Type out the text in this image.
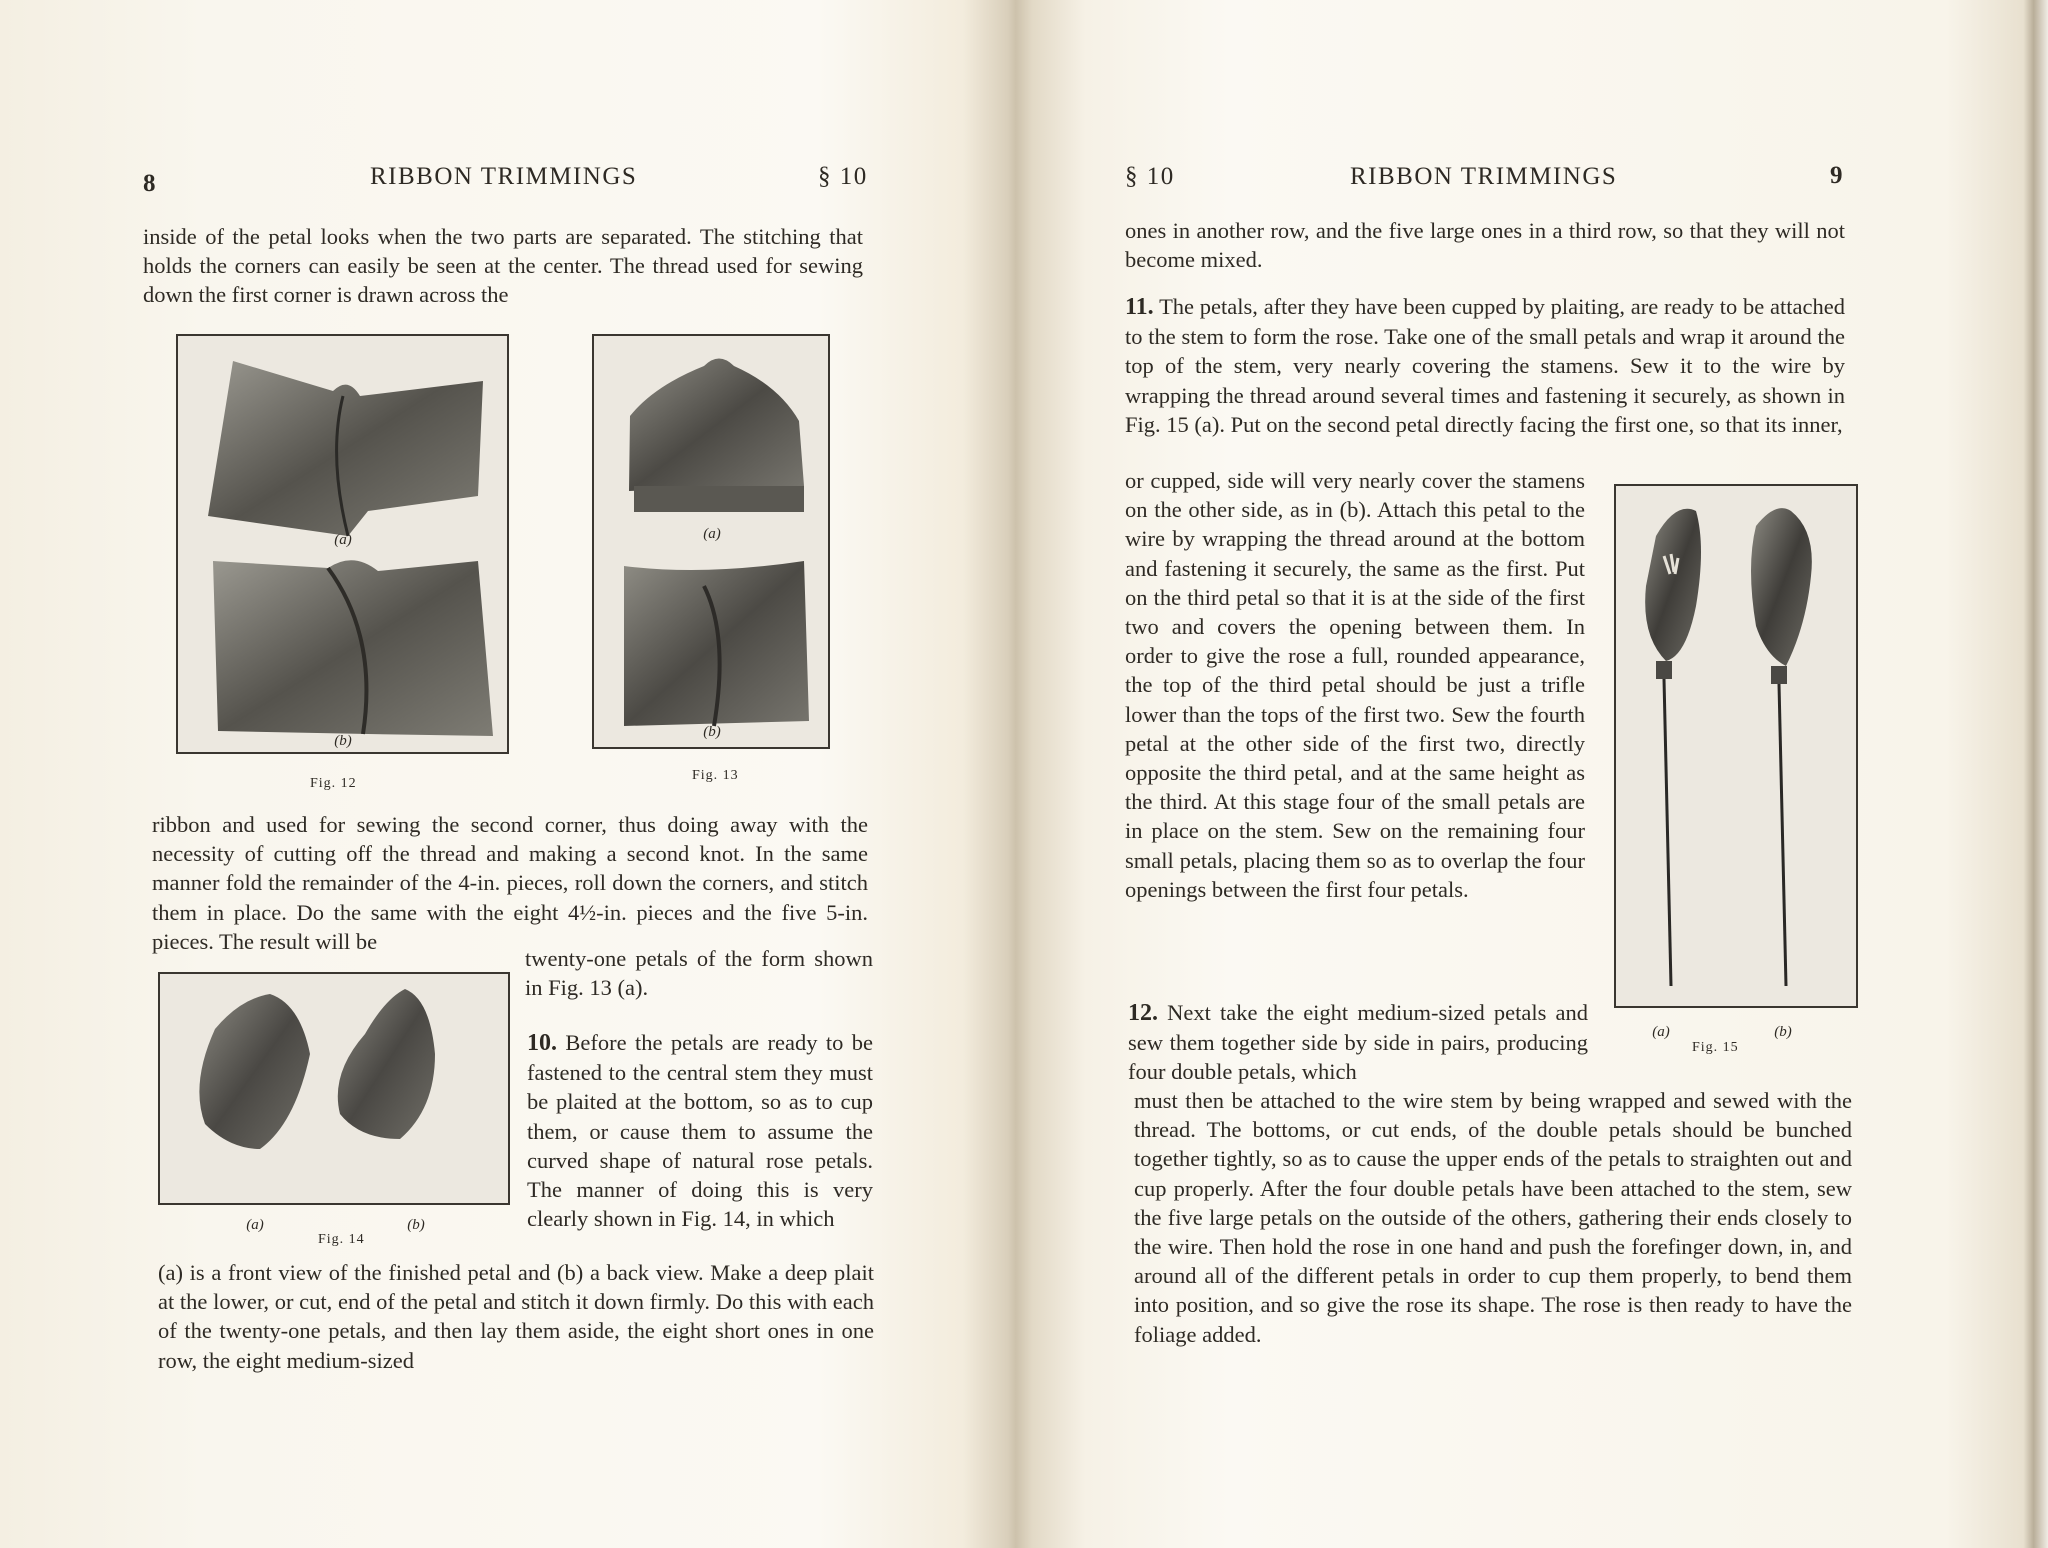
8	RIBBON TRIMMINGS	§ 10

inside of the petal looks when the two parts are separated. The stitching that holds the corners can easily be seen at the center. The thread used for sewing down the first corner is drawn across the

(a)
(b)
Fig. 12
(a)
(b)
Fig. 13

ribbon and used for sewing the second corner, thus doing away with the necessity of cutting off the thread and making a second knot. In the same manner fold the remainder of the 4-in. pieces, roll down the corners, and stitch them in place. Do the same with the eight 4½-in. pieces and the five 5-in. pieces. The result will be

(a)
Fig. 14
(b)

twenty-one petals of the form shown in Fig. 13 (a).

10. Before the petals are ready to be fastened to the central stem they must be plaited at the bottom, so as to cup them, or cause them to assume the curved shape of natural rose petals. The manner of doing this is very clearly shown in Fig. 14, in which

(a) is a front view of the finished petal and (b) a back view. Make a deep plait at the lower, or cut, end of the petal and stitch it down firmly. Do this with each of the twenty-one petals, and then lay them aside, the eight short ones in one row, the eight medium-sized

§ 10	RIBBON TRIMMINGS	9

ones in another row, and the five large ones in a third row, so that they will not become mixed.

11. The petals, after they have been cupped by plaiting, are ready to be attached to the stem to form the rose. Take one of the small petals and wrap it around the top of the stem, very nearly covering the stamens. Sew it to the wire by wrapping the thread around several times and fastening it securely, as shown in Fig. 15 (a). Put on the second petal directly facing the first one, so that its inner,

or cupped, side will very nearly cover the stamens on the other side, as in (b). Attach this petal to the wire by wrapping the thread around at the bottom and fastening it securely, the same as the first. Put on the third petal so that it is at the side of the first two and covers the opening between them. In order to give the rose a full, rounded appearance, the top of the third petal should be just a trifle lower than the tops of the first two. Sew the fourth petal at the other side of the first two, directly opposite the third petal, and at the same height as the third. At this stage four of the small petals are in place on the stem. Sew on the remaining four small petals, placing them so as to overlap the four openings between the first four petals.

(a)
Fig. 15
(b)

12. Next take the eight medium-sized petals and sew them together side by side in pairs, producing four double petals, which

must then be attached to the wire stem by being wrapped and sewed with the thread. The bottoms, or cut ends, of the double petals should be bunched together tightly, so as to cause the upper ends of the petals to straighten out and cup properly. After the four double petals have been attached to the stem, sew the five large petals on the outside of the others, gathering their ends closely to the wire. Then hold the rose in one hand and push the forefinger down, in, and around all of the different petals in order to cup them properly, to bend them into position, and so give the rose its shape. The rose is then ready to have the foliage added.
